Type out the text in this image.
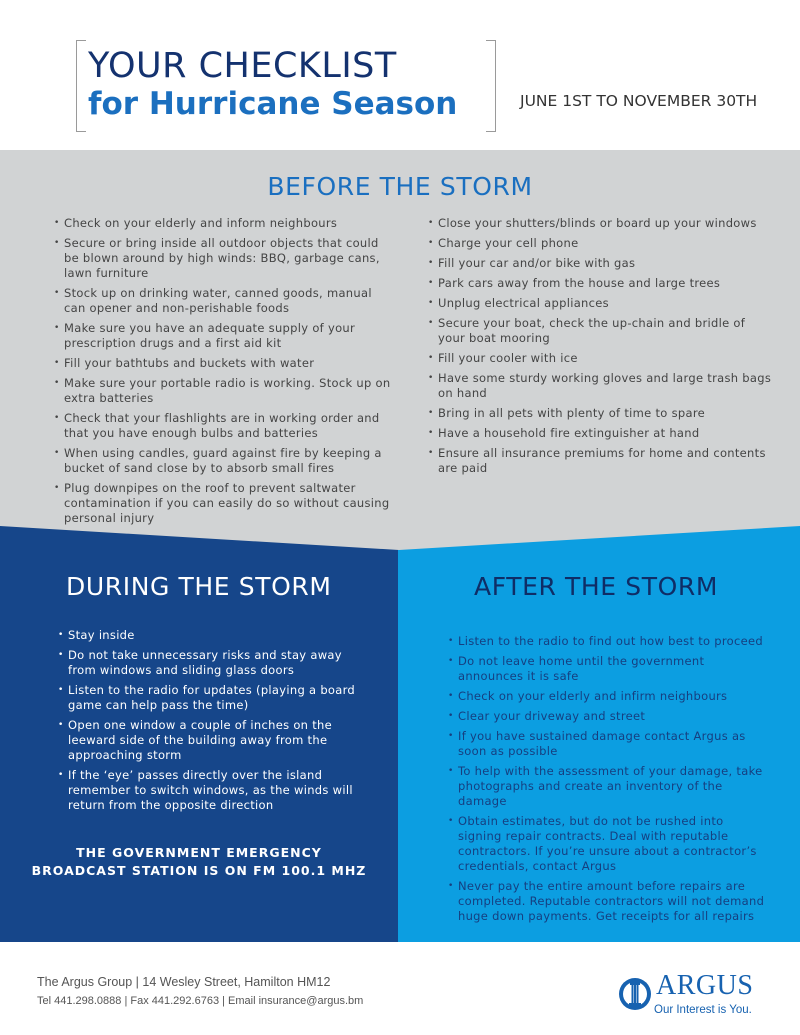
YOUR CHECKLIST
for Hurricane Season	JUNE 1ST TO NOVEMBER 30TH
BEFORE THE STORM
• Check on your elderly and inform neighbours
• Secure or bring inside all outdoor objects that could be blown around by high winds: BBQ, garbage cans, lawn furniture
• Stock up on drinking water, canned goods, manual can opener and non-perishable foods
• Make sure you have an adequate supply of your prescription drugs and a first aid kit
• Fill your bathtubs and buckets with water
• Make sure your portable radio is working. Stock up on extra batteries
• Check that your flashlights are in working order and that you have enough bulbs and batteries
• When using candles, guard against fire by keeping a bucket of sand close by to absorb small fires
• Plug downpipes on the roof to prevent saltwater contamination if you can easily do so without causing personal injury
• Close your shutters/blinds or board up your windows
• Charge your cell phone
• Fill your car and/or bike with gas
• Park cars away from the house and large trees
• Unplug electrical appliances
• Secure your boat, check the up-chain and bridle of your boat mooring
• Fill your cooler with ice
• Have some sturdy working gloves and large trash bags on hand
• Bring in all pets with plenty of time to spare
• Have a household fire extinguisher at hand
• Ensure all insurance premiums for home and contents are paid
DURING THE STORM
• Stay inside
• Do not take unnecessary risks and stay away from windows and sliding glass doors
• Listen to the radio for updates (playing a board game can help pass the time)
• Open one window a couple of inches on the leeward side of the building away from the approaching storm
• If the ‘eye’ passes directly over the island remember to switch windows, as the winds will return from the opposite direction
THE GOVERNMENT EMERGENCY
BROADCAST STATION IS ON FM 100.1 MHZ
AFTER THE STORM
• Listen to the radio to find out how best to proceed
• Do not leave home until the government announces it is safe
• Check on your elderly and infirm neighbours
• Clear your driveway and street
• If you have sustained damage contact Argus as soon as possible
• To help with the assessment of your damage, take photographs and create an inventory of the damage
• Obtain estimates, but do not be rushed into signing repair contracts. Deal with reputable contractors. If you’re unsure about a contractor’s credentials, contact Argus
• Never pay the entire amount before repairs are completed. Reputable contractors will not demand huge down payments. Get receipts for all repairs
The Argus Group | 14 Wesley Street, Hamilton HM12
Tel 441.298.0888 | Fax 441.292.6763 | Email insurance@argus.bm	ARGUS
Our Interest is You.
